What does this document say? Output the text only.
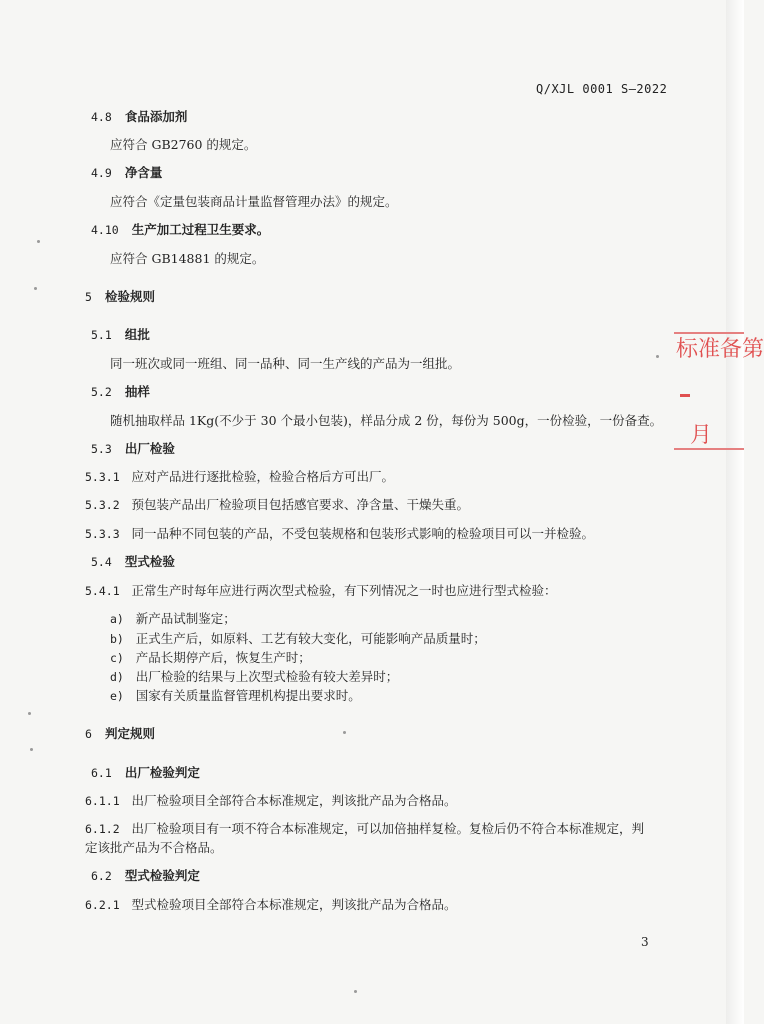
Q/XJL 0001 S—2022
4.8 食品添加剂
应符合 GB2760 的规定。
4.9 净含量
应符合《定量包装商品计量监督管理办法》的规定。
4.10 生产加工过程卫生要求。
应符合 GB14881 的规定。
5 检验规则
5.1 组批
同一班次或同一班组、同一品种、同一生产线的产品为一组批。
5.2 抽样
随机抽取样品 1Kg(不少于 30 个最小包装)，样品分成 2 份，每份为 500g，一份检验，一份备查。
5.3 出厂检验
5.3.1 应对产品进行逐批检验，检验合格后方可出厂。
5.3.2 预包装产品出厂检验项目包括感官要求、净含量、干燥失重。
5.3.3 同一品种不同包装的产品，不受包装规格和包装形式影响的检验项目可以一并检验。
5.4 型式检验
5.4.1 正常生产时每年应进行两次型式检验，有下列情况之一时也应进行型式检验：
a) 新产品试制鉴定；
b) 正式生产后，如原料、工艺有较大变化，可能影响产品质量时；
c) 产品长期停产后，恢复生产时；
d) 出厂检验的结果与上次型式检验有较大差异时；
e) 国家有关质量监督管理机构提出要求时。
6 判定规则
6.1 出厂检验判定
6.1.1 出厂检验项目全部符合本标准规定，判该批产品为合格品。
6.1.2 出厂检验项目有一项不符合本标准规定，可以加倍抽样复检。复检后仍不符合本标准规定，判
定该批产品为不合格品。
6.2 型式检验判定
6.2.1 型式检验项目全部符合本标准规定，判该批产品为合格品。
标准备第
月
3
